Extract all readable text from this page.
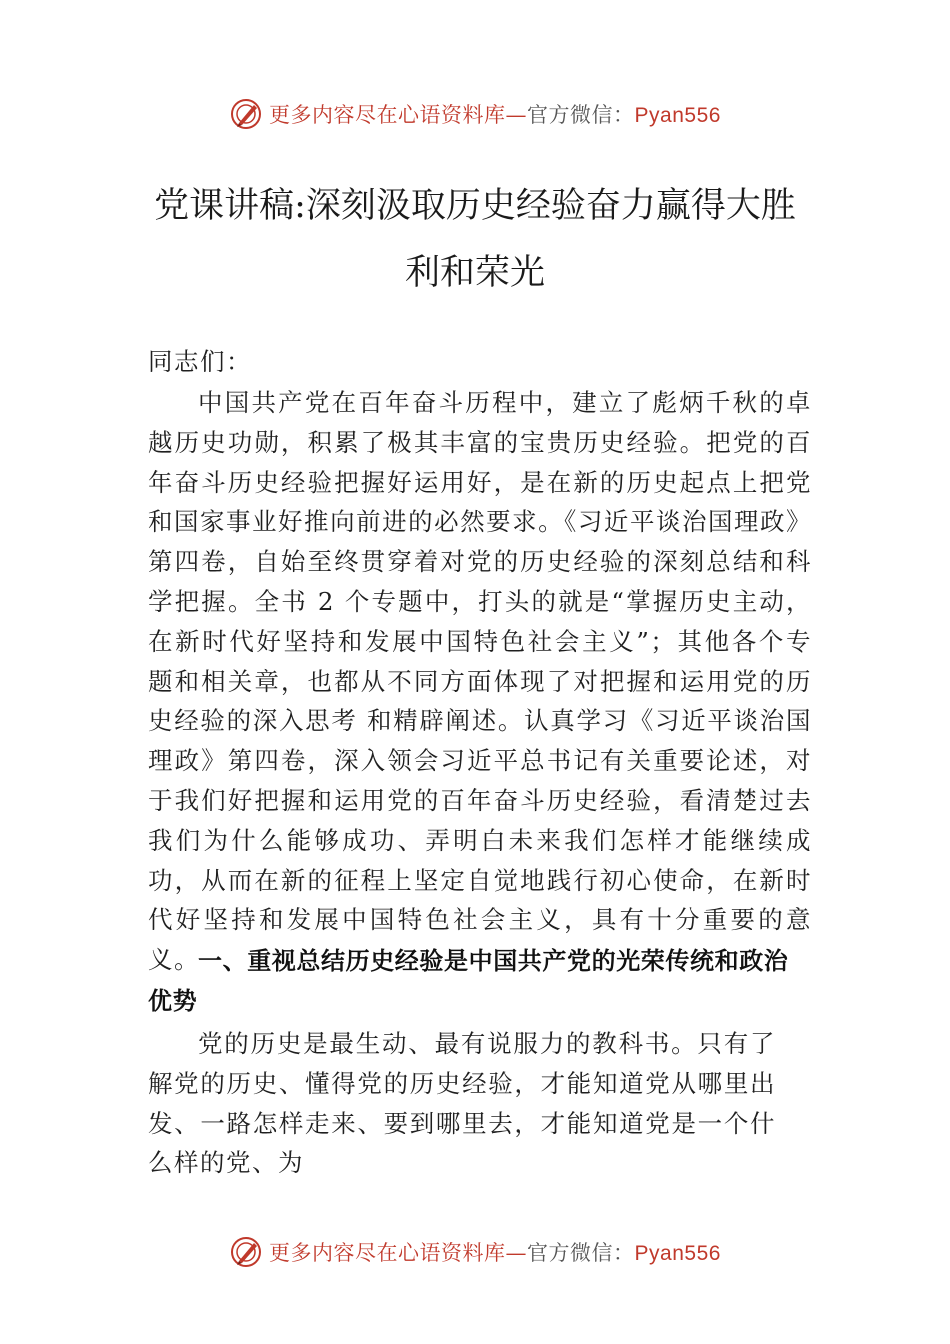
更多内容尽在心语资料库—官方微信：Pyan556
党课讲稿:深刻汲取历史经验奋力赢得大胜
利和荣光
同志们：
中国共产党在百年奋斗历程中，建立了彪炳千秋的卓越历史功勋，积累了极其丰富的宝贵历史经验。把党的百年奋斗历史经验把握好运用好，是在新的历史起点上把党和国家事业好推向前进的必然要求。《习近平谈治国理政》第四卷，自始至终贯穿着对党的历史经验的深刻总结和科学把握。全书 2 个专题中，打头的就是“掌握历史主动，在新时代好坚持和发展中国特色社会主义”；其他各个专题和相关章，也都从不同方面体现了对把握和运用党的历史经验的深入思考 和精辟阐述。认真学习《习近平谈治国理政》第四卷，深入领会习近平总书记有关重要论述，对于我们好把握和运用党的百年奋斗历史经验，看清楚过去我们为什么能够成功、弄明白未来我们怎样才能继续成功，从而在新的征程上坚定自觉地践行初心使命，在新时代好坚持和发展中国特色社会主义，具有十分重要的意义。
一、重视总结历史经验是中国共产党的光荣传统和政治优势
党的历史是最生动、最有说服力的教科书。只有了解党的历史、懂得党的历史经验，才能知道党从哪里出发、一路怎样走来、要到哪里去，才能知道党是一个什么样的党、为
更多内容尽在心语资料库—官方微信：Pyan556
